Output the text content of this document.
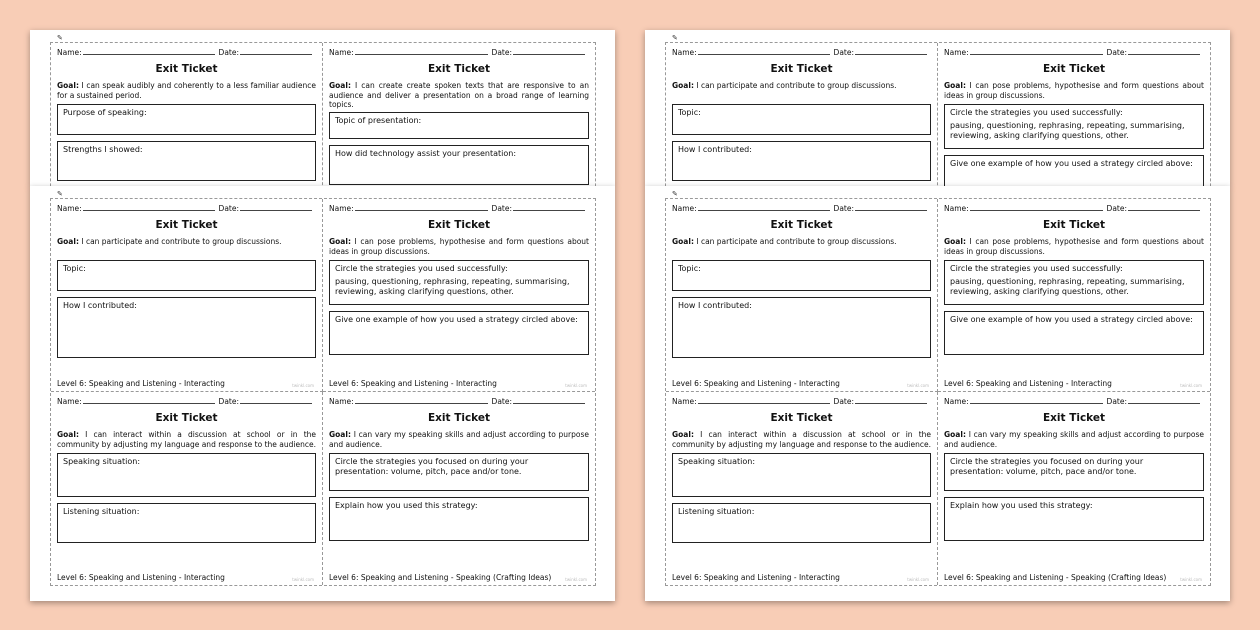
✎
Name:	Date:
Exit Ticket
Goal: I can speak audibly and coherently to a less familiar audience for a sustained period.
Purpose of speaking:
Strengths I showed:
Name:	Date:
Exit Ticket
Goal: I can create create spoken texts that are responsive to an audience and deliver a presentation on a broad range of learning topics.
Topic of presentation:
How did technology assist your presentation:
✎
Name:	Date:
Exit Ticket
Goal: I can participate and contribute to group discussions.
Topic:
How I contributed:
Name:	Date:
Exit Ticket
Goal: I can pose problems, hypothesise and form questions about ideas in group discussions.
Circle the strategies you used successfully:
pausing, questioning, rephrasing, repeating, summarising, reviewing, asking clarifying questions, other.
Give one example of how you used a strategy circled above:
✎
Name:	Date:
Exit Ticket
Goal: I can participate and contribute to group discussions.
Topic:
How I contributed:
Level 6: Speaking and Listening - Interacting	twinkl.com
Name:	Date:
Exit Ticket
Goal: I can pose problems, hypothesise and form questions about ideas in group discussions.
Circle the strategies you used successfully:
pausing, questioning, rephrasing, repeating, summarising, reviewing, asking clarifying questions, other.
Give one example of how you used a strategy circled above:
Level 6: Speaking and Listening - Interacting	twinkl.com
Name:	Date:
Exit Ticket
Goal: I can interact within a discussion at school or in the community by adjusting my language and response to the audience.
Speaking situation:
Listening situation:
Level 6: Speaking and Listening - Interacting	twinkl.com
Name:	Date:
Exit Ticket
Goal: I can vary my speaking skills and adjust according to purpose and audience.
Circle the strategies you focused on during your presentation: volume, pitch, pace and/or tone.
Explain how you used this strategy:
Level 6: Speaking and Listening - Speaking (Crafting Ideas)	twinkl.com
✎
Name:	Date:
Exit Ticket
Goal: I can participate and contribute to group discussions.
Topic:
How I contributed:
Level 6: Speaking and Listening - Interacting	twinkl.com
Name:	Date:
Exit Ticket
Goal: I can pose problems, hypothesise and form questions about ideas in group discussions.
Circle the strategies you used successfully:
pausing, questioning, rephrasing, repeating, summarising, reviewing, asking clarifying questions, other.
Give one example of how you used a strategy circled above:
Level 6: Speaking and Listening - Interacting	twinkl.com
Name:	Date:
Exit Ticket
Goal: I can interact within a discussion at school or in the community by adjusting my language and response to the audience.
Speaking situation:
Listening situation:
Level 6: Speaking and Listening - Interacting	twinkl.com
Name:	Date:
Exit Ticket
Goal: I can vary my speaking skills and adjust according to purpose and audience.
Circle the strategies you focused on during your presentation: volume, pitch, pace and/or tone.
Explain how you used this strategy:
Level 6: Speaking and Listening - Speaking (Crafting Ideas)	twinkl.com
